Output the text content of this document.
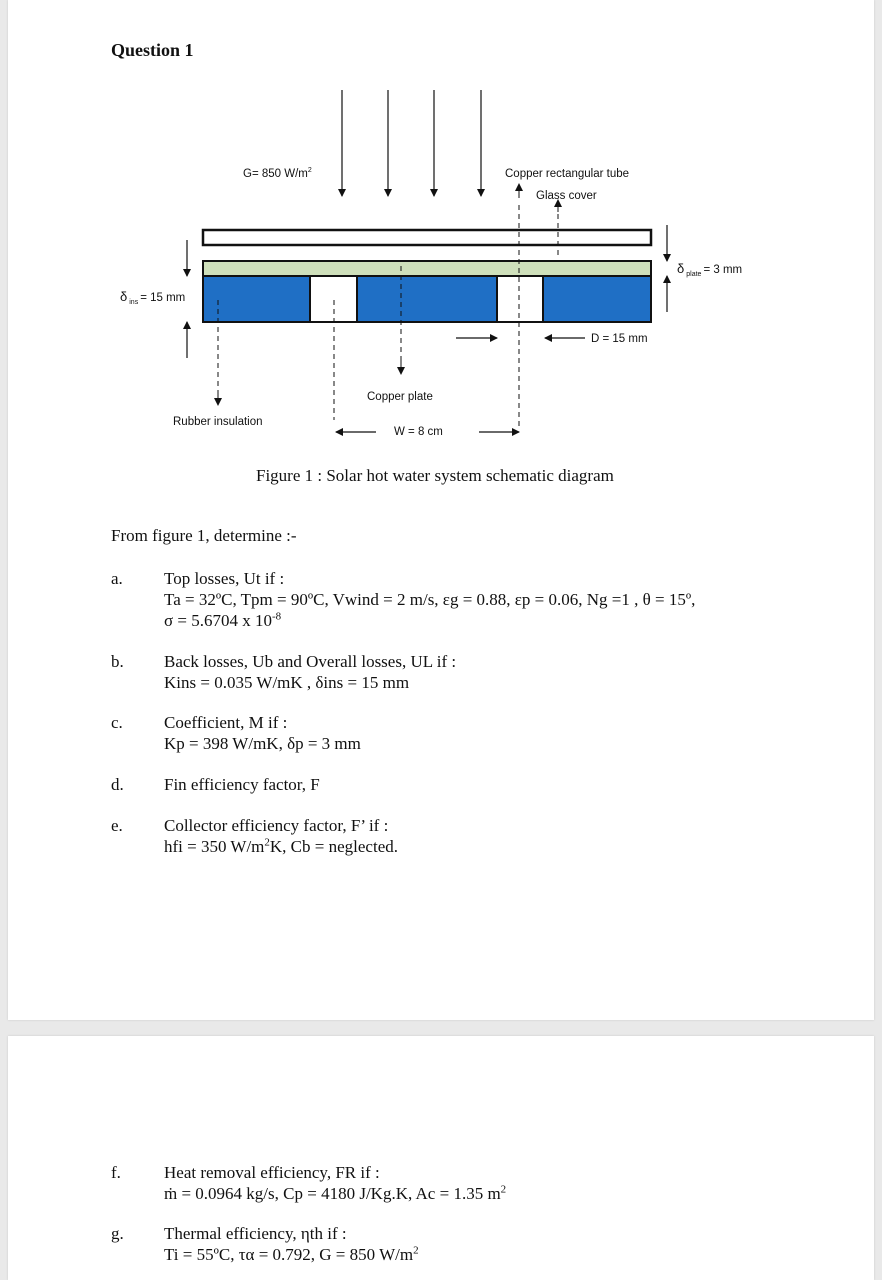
Question 1
G= 850 $W/m^2$	Copper rectangular tube
Glass cover
δ $_{plate}$ = 3 mm
δ $_{ins}$ = 15 mm
D = 15 mm
Copper plate
Rubber insulation
W = 8 cm
Figure 1 : Solar hot water system schematic diagram
From figure 1, determine :-
a.	Top losses, Ut if :
Ta = 32ºC, Tpm = 90ºC, Vwind = 2 m/s, εg = 0.88, εp = 0.06, Ng =1 , θ = 15º,
σ = 5.6704 x $10^{-8}$
b.	Back losses, Ub and Overall losses, UL if :
Kins = 0.035 W/mK , δins = 15 mm
c.	Coefficient, M if :
Kp = 398 W/mK, δp = 3 mm
d.	Fin efficiency factor, F
e.	Collector efficiency factor, F’ if :
hfi = 350 $W/m^2K$, Cb = neglected.
f.	Heat removal efficiency, FR if :
ṁ = 0.0964 kg/s, Cp = 4180 J/Kg.K, Ac = 1.35 $m^2$
g.	Thermal efficiency, ηth if :
Ti = 55ºC, τα = 0.792, G = 850 $W/m^2$
